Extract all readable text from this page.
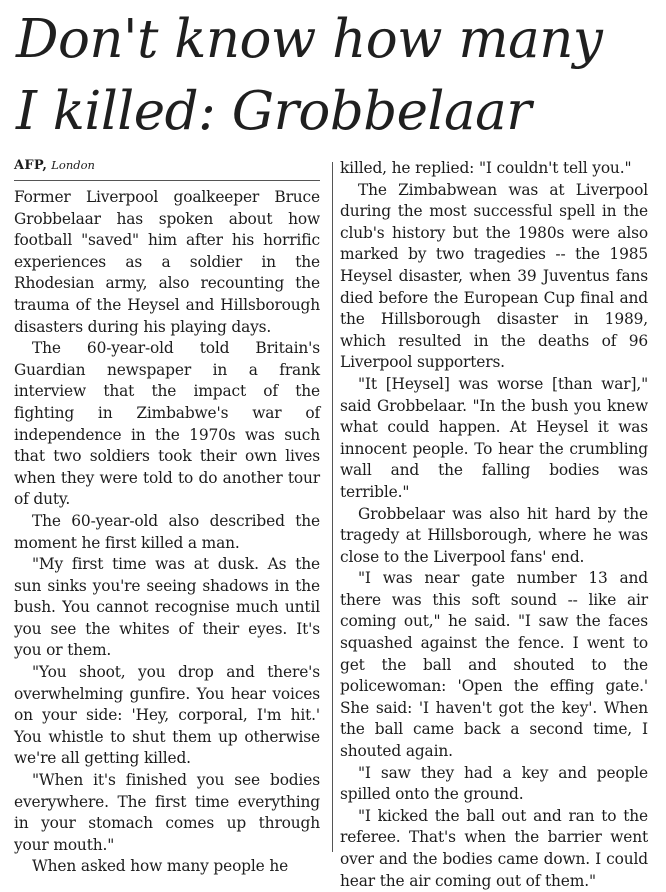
Don't know how many
I killed: Grobbelaar
AFP, London

Former Liverpool goalkeeper Bruce Grobbelaar has spoken about how football "saved" him after his horrific experiences as a soldier in the Rhodesian army, also recounting the trauma of the Heysel and Hillsborough disasters during his playing days.

The 60-year-old told Britain's Guardian newspaper in a frank interview that the impact of the fighting in Zimbabwe's war of independence in the 1970s was such that two soldiers took their own lives when they were told to do another tour of duty.

The 60-year-old also described the moment he first killed a man.

"My first time was at dusk. As the sun sinks you're seeing shadows in the bush. You cannot recognise much until you see the whites of their eyes. It's you or them.

"You shoot, you drop and there's overwhelming gunfire. You hear voices on your side: 'Hey, corporal, I'm hit.' You whistle to shut them up otherwise we're all getting killed.

"When it's finished you see bodies everywhere. The first time everything in your stomach comes up through your mouth."

When asked how many people he

killed, he replied: "I couldn't tell you."

The Zimbabwean was at Liverpool during the most successful spell in the club's history but the 1980s were also marked by two tragedies -- the 1985 Heysel disaster, when 39 Juventus fans died before the European Cup final and the Hillsborough disaster in 1989, which resulted in the deaths of 96 Liverpool supporters.

"It [Heysel] was worse [than war]," said Grobbelaar. "In the bush you knew what could happen. At Heysel it was innocent people. To hear the crumbling wall and the falling bodies was terrible."

Grobbelaar was also hit hard by the tragedy at Hillsborough, where he was close to the Liverpool fans' end.

"I was near gate number 13 and there was this soft sound -- like air coming out," he said. "I saw the faces squashed against the fence. I went to get the ball and shouted to the policewoman: 'Open the effing gate.' She said: 'I haven't got the key'. When the ball came back a second time, I shouted again.

"I saw they had a key and people spilled onto the ground.

"I kicked the ball out and ran to the referee. That's when the barrier went over and the bodies came down. I could hear the air coming out of them."
